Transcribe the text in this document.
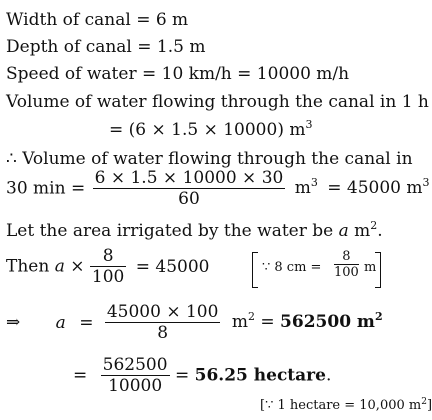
Width of canal = 6 m
Depth of canal = 1.5 m
Speed of water = 10 km/h = 10000 m/h
Volume of water flowing through the canal in 1 h
= (6 × 1.5 × 10000) $m^3$
∴ Volume of water flowing through the canal in
30 $\min = \frac{6 \times 1.5 \times 10000 \times 30}{60} m^3 = 45000$ $m^3$
Let the area irrigated by the water be a $m^2$.
Then $a \times \frac{8}{100} = 45000$	∵ 8 cm = $\frac{8}{100}$ m
⇒ $a = \frac{45000 \times 100}{8} m^2 = 562500$ $m^2$
= $\frac{562500}{10000} = 56.25$ hectare.
[∵ 1 hectare = 10,000 $m^2$]
